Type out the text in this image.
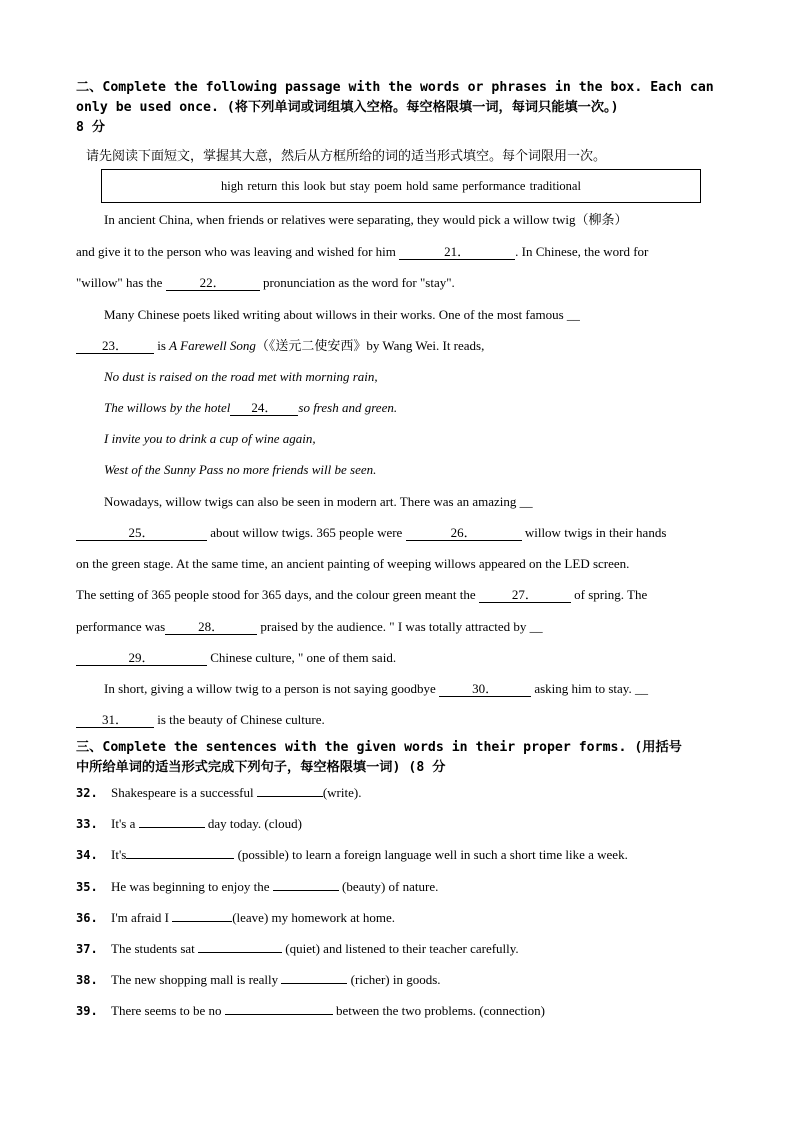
二、Complete the following passage with the words or phrases in the box. Each can
only be used once. (将下列单词或词组填入空格。每空格限填一词，每词只能填一次。)
8 分
请先阅读下面短文，掌握其大意，然后从方框所给的词的适当形式填空。每个词限用一次。
high return this look but stay poem hold same performance traditional
In ancient China, when friends or relatives were separating, they would pick a willow twig（柳条）
and give it to the person who was leaving and wished for him	21．	. In Chinese, the word for
"willow" has the	22．	pronunciation as the word for "stay".
Many Chinese poets liked writing about willows in their works. One of the most famous __
23． is A Farewell Song（《送元二使安西》by Wang Wei. It reads,
No dust is raised on the road met with morning rain,
The willows by the hotel 24． so fresh and green.
I invite you to drink a cup of wine again,
West of the Sunny Pass no more friends will be seen.
Nowadays, willow twigs can also be seen in modern art. There was an amazing __
25．	about willow twigs. 365 people were	26．	willow twigs in their hands
on the green stage. At the same time, an ancient painting of weeping willows appeared on the LED screen.
The setting of 365 people stood for 365 days, and the colour green meant the	27．	of spring. The
performance was	28．	praised by the audience. " I was totally attracted by __
29．	Chinese culture, " one of them said.
In short, giving a willow twig to a person is not saying goodbye	30．	asking him to stay. __
31． is the beauty of Chinese culture.
三、Complete the sentences with the given words in their proper forms. (用括号
中所给单词的适当形式完成下列句子，每空格限填一词) (8 分
32. Shakespeare is a successful	(write).
33. It's a	day today. (cloud)
34. It's	(possible) to learn a foreign language well in such a short time like a week.
35. He was beginning to enjoy the	(beauty) of nature.
36. I'm afraid I	(leave) my homework at home.
37. The students sat	(quiet) and listened to their teacher carefully.
38. The new shopping mall is really	(richer) in goods.
39. There seems to be no	between the two problems. (connection)
